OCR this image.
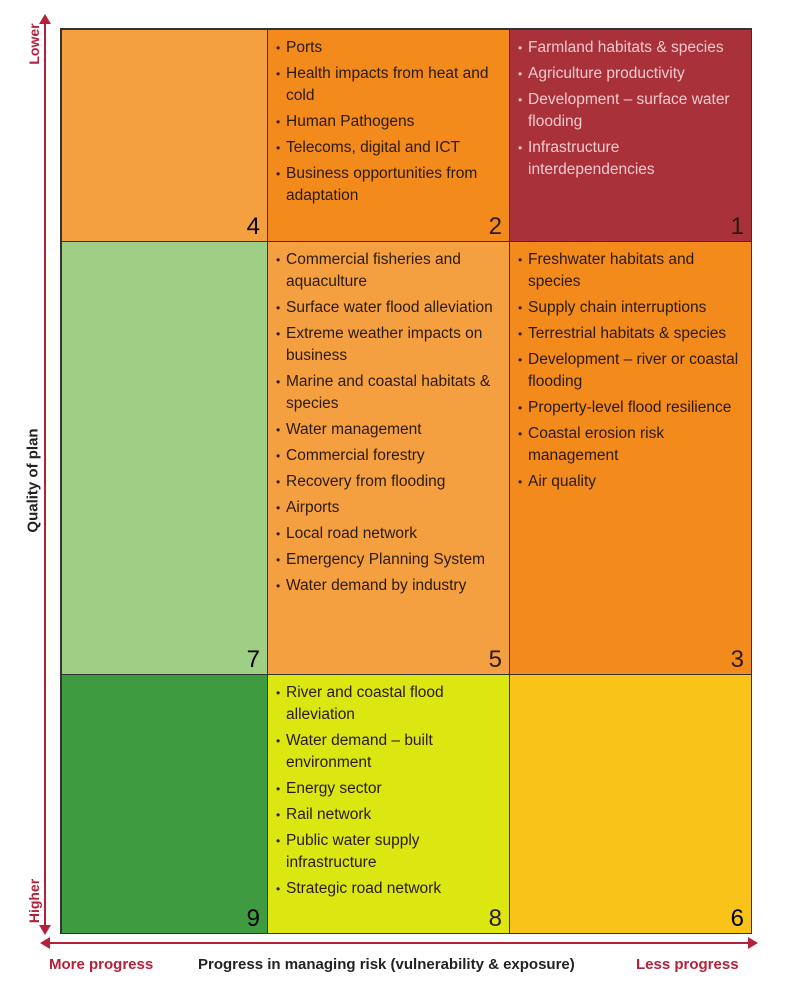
Lower
Higher
Quality of plan
More progress	Progress in managing risk (vulnerability & exposure)	Less progress
4
• Ports
• Health impacts from heat and cold
• Human Pathogens
• Telecoms, digital and ICT
• Business opportunities from adaptation
2
• Farmland habitats & species
• Agriculture productivity
• Development – surface water flooding
• Infrastructure interdependencies
1
7
• Commercial fisheries and aquaculture
• Surface water flood alleviation
• Extreme weather impacts on business
• Marine and coastal habitats & species
• Water management
• Commercial forestry
• Recovery from flooding
• Airports
• Local road network
• Emergency Planning System
• Water demand by industry
5
• Freshwater habitats and species
• Supply chain interruptions
• Terrestrial habitats & species
• Development – river or coastal flooding
• Property-level flood resilience
• Coastal erosion risk management
• Air quality
3
9
• River and coastal flood alleviation
• Water demand – built environment
• Energy sector
• Rail network
• Public water supply infrastructure
• Strategic road network
8	6
